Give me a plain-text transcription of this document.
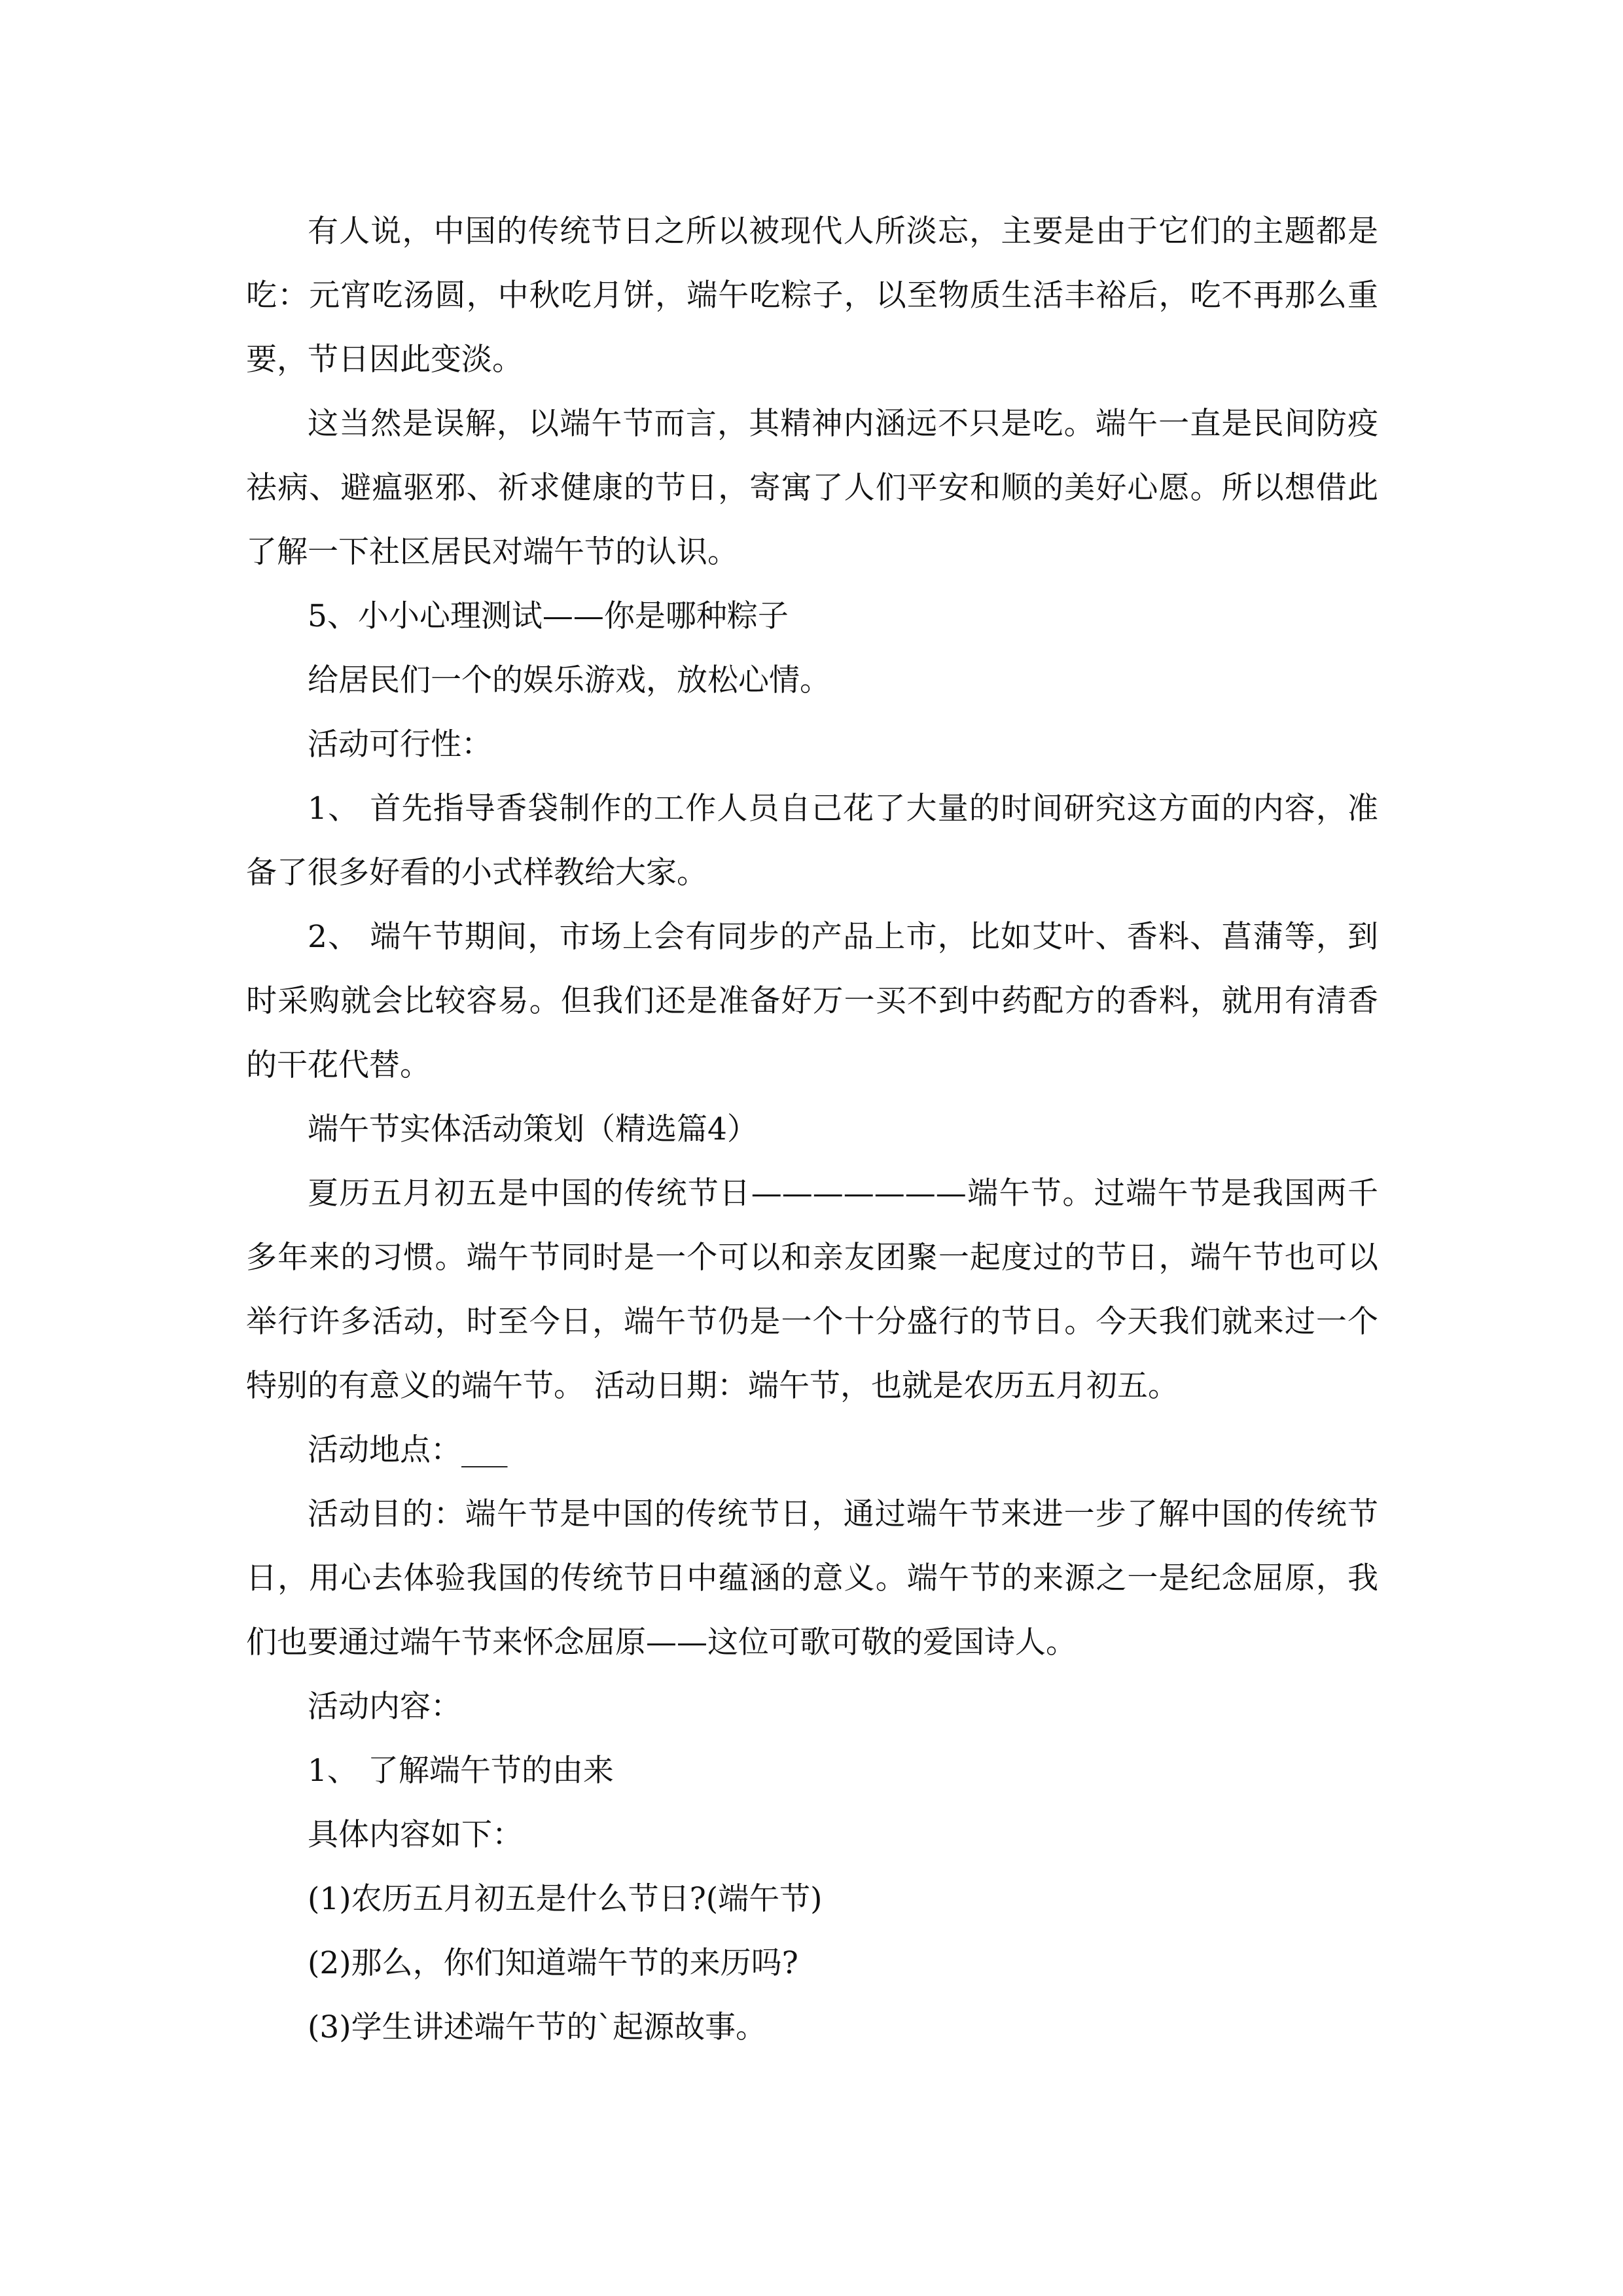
有人说，中国的传统节日之所以被现代人所淡忘，主要是由于它们的主题都是吃：元宵吃汤圆，中秋吃月饼，端午吃粽子，以至物质生活丰裕后，吃不再那么重要，节日因此变淡。

这当然是误解，以端午节而言，其精神内涵远不只是吃。端午一直是民间防疫祛病、避瘟驱邪、祈求健康的节日，寄寓了人们平安和顺的美好心愿。所以想借此了解一下社区居民对端午节的认识。

5、小小心理测试——你是哪种粽子

给居民们一个的娱乐游戏，放松心情。

活动可行性：

1、 首先指导香袋制作的工作人员自己花了大量的时间研究这方面的内容，准备了很多好看的小式样教给大家。

2、 端午节期间，市场上会有同步的产品上市，比如艾叶、香料、菖蒲等，到时采购就会比较容易。但我们还是准备好万一买不到中药配方的香料，就用有清香的干花代替。

端午节实体活动策划（精选篇4）

夏历五月初五是中国的传统节日———————端午节。过端午节是我国两千多年来的习惯。端午节同时是一个可以和亲友团聚一起度过的节日，端午节也可以举行许多活动，时至今日，端午节仍是一个十分盛行的节日。今天我们就来过一个特别的有意义的端午节。 活动日期：端午节，也就是农历五月初五。

活动地点：___

活动目的：端午节是中国的传统节日，通过端午节来进一步了解中国的传统节日，用心去体验我国的传统节日中蕴涵的意义。端午节的来源之一是纪念屈原，我们也要通过端午节来怀念屈原——这位可歌可敬的爱国诗人。

活动内容：

1、 了解端午节的由来

具体内容如下：

(1)农历五月初五是什么节日?(端午节)

(2)那么，你们知道端午节的来历吗?

(3)学生讲述端午节的`起源故事。
